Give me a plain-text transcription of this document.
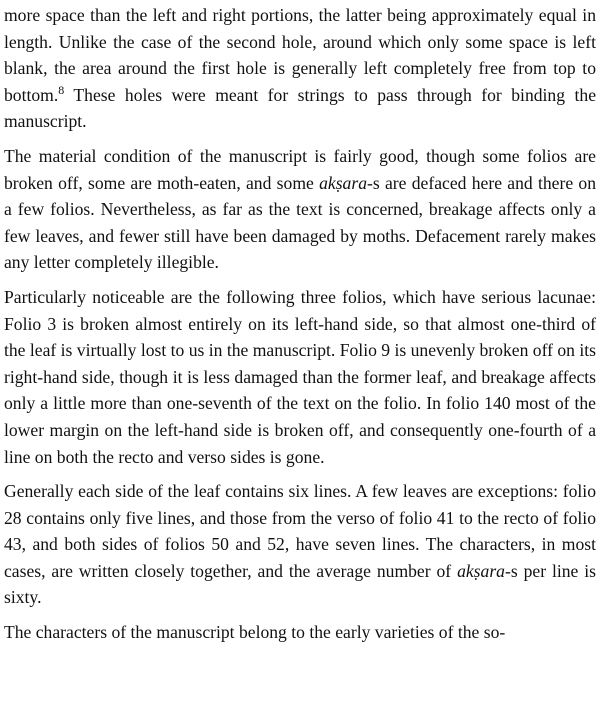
more space than the left and right portions, the latter being approximately equal in length. Unlike the case of the second hole, around which only some space is left blank, the area around the first hole is generally left completely free from top to bottom.$^8$ These holes were meant for strings to pass through for binding the manuscript.

The material condition of the manuscript is fairly good, though some folios are broken off, some are moth-eaten, and some akṣara-s are defaced here and there on a few folios. Nevertheless, as far as the text is concerned, breakage affects only a few leaves, and fewer still have been damaged by moths. Defacement rarely makes any letter completely illegible.

Particularly noticeable are the following three folios, which have serious lacunae: Folio 3 is broken almost entirely on its left-hand side, so that almost one-third of the leaf is virtually lost to us in the manuscript. Folio 9 is unevenly broken off on its right-hand side, though it is less damaged than the former leaf, and breakage affects only a little more than one-seventh of the text on the folio. In folio 140 most of the lower margin on the left-hand side is broken off, and consequently one-fourth of a line on both the recto and verso sides is gone.

Generally each side of the leaf contains six lines. A few leaves are exceptions: folio 28 contains only five lines, and those from the verso of folio 41 to the recto of folio 43, and both sides of folios 50 and 52, have seven lines. The characters, in most cases, are written closely together, and the average number of akṣara-s per line is sixty.

The characters of the manuscript belong to the early varieties of the so-
